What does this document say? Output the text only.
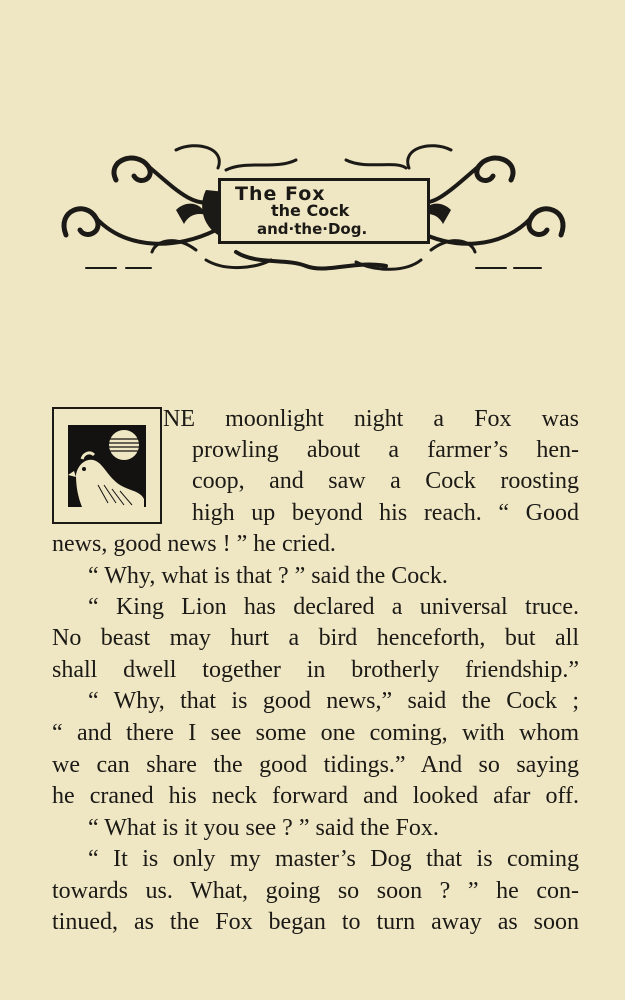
The Fox
the Cock
and·the·Dog.
NE moonlight night a Fox was
prowling about a farmer’s hen-
coop, and saw a Cock roosting
high up beyond his reach. “ Good
news, good news ! ” he cried.
“ Why, what is that ? ” said the Cock.
“ King Lion has declared a universal truce.
No beast may hurt a bird henceforth, but all
shall dwell together in brotherly friendship.”
“ Why, that is good news,” said the Cock ;
“ and there I see some one coming, with whom
we can share the good tidings.” And so saying
he craned his neck forward and looked afar off.
“ What is it you see ? ” said the Fox.
“ It is only my master’s Dog that is coming
towards us. What, going so soon ? ” he con-
tinued, as the Fox began to turn away as soon
